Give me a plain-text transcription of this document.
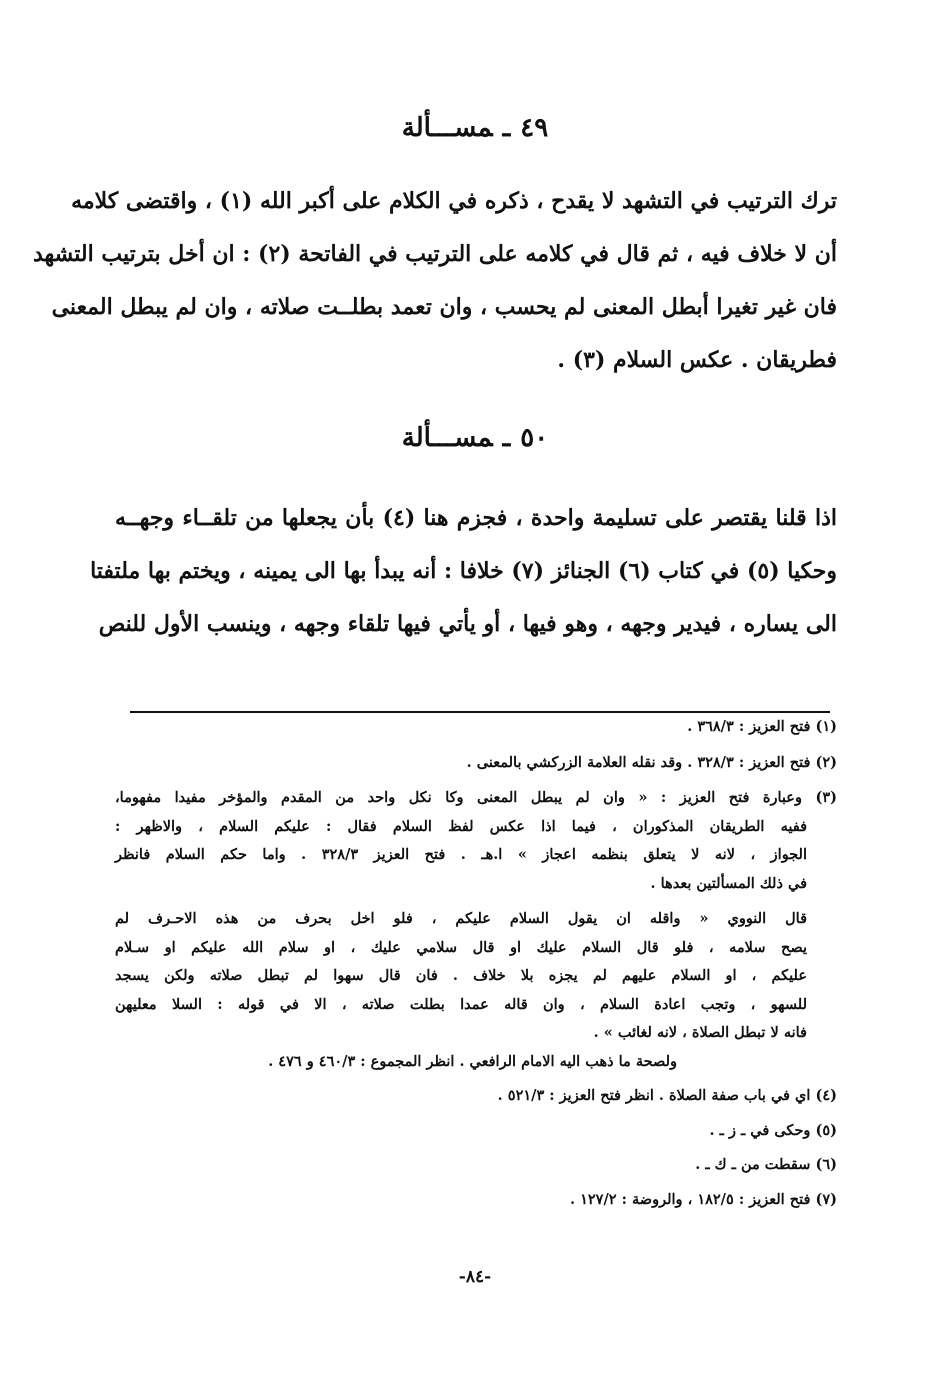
٤٩ـمســـألة
ترك الترتيب في التشهد لا يقدح ، ذكره في الكلام على أكبر الله (١) ، واقتضى كلامه
أن لا خلاف فيه ، ثم قال في كلامه على الترتيب في الفاتحة (٢) : ان أخل بترتيب التشهد
فان غير تغيرا أبطل المعنى لم يحسب ، وان تعمد بطلــت صلاته ، وان لم يبطل المعنى
فطريقان . عكس السلام (٣) .
٥٠ـمســـألة
اذا قلنا يقتصر على تسليمة واحدة ، فجزم هنا (٤) بأن يجعلها من تلقــاء وجهــه
وحكيا (٥) في كتاب (٦) الجنائز (٧) خلافا : أنه يبدأ بها الى يمينه ، ويختم بها ملتفتا
الى يساره ، فيدير وجهه ، وهو فيها ، أو يأتي فيها تلقاء وجهه ، وينسب الأول للنص
(١) فتح العزيز : ٣٦٨/٣ .
(٢) فتح العزيز : ٣٢٨/٣ . وقد نقله العلامة الزركشي بالمعنى .
(٣) وعبارة فتح العزيز : « وان لم يبطل المعنى وكا نكل واحد من المقدم والمؤخر مفيدا مفهوما،
ففيه الطريقان المذكوران ، فيما اذا عكس لفظ السلام فقال : عليكم السلام ، والاظهر :
الجواز ، لانه لا يتعلق بنظمه اعجاز » ا.هـ . فتح العزيز ٣٢٨/٣ . واما حكم السلام فانظر
في ذلك المسألتين بعدها .
قال النووي « واقله ان يقول السلام عليكم ، فلو اخل بحرف من هذه الاحـرف لم
يصح سلامه ، فلو قال السلام عليك او قال سلامي عليك ، او سلام الله عليكم او سـلام
عليكم ، او السلام عليهم لم يجزه بلا خلاف . فان قال سهوا لم تبطل صلاته ولكن يسجد
للسهو ، وتجب اعادة السلام ، وان قاله عمدا بطلت صلاته ، الا في قوله : السلا معليهن
فانه لا تبطل الصلاة ، لانه لغائب » .
ولصحة ما ذهب اليه الامام الرافعي . انظر المجموع : ٤٦٠/٣ و ٤٧٦ .
(٤) اي في باب صفة الصلاة . انظر فتح العزيز : ٥٢١/٣ .
(٥) وحكى في ـ ز ـ .
(٦) سقطت من ـ ك ـ .
(٧) فتح العزيز : ١٨٢/٥ ، والروضة : ١٢٧/٢ .
-٨٤-
